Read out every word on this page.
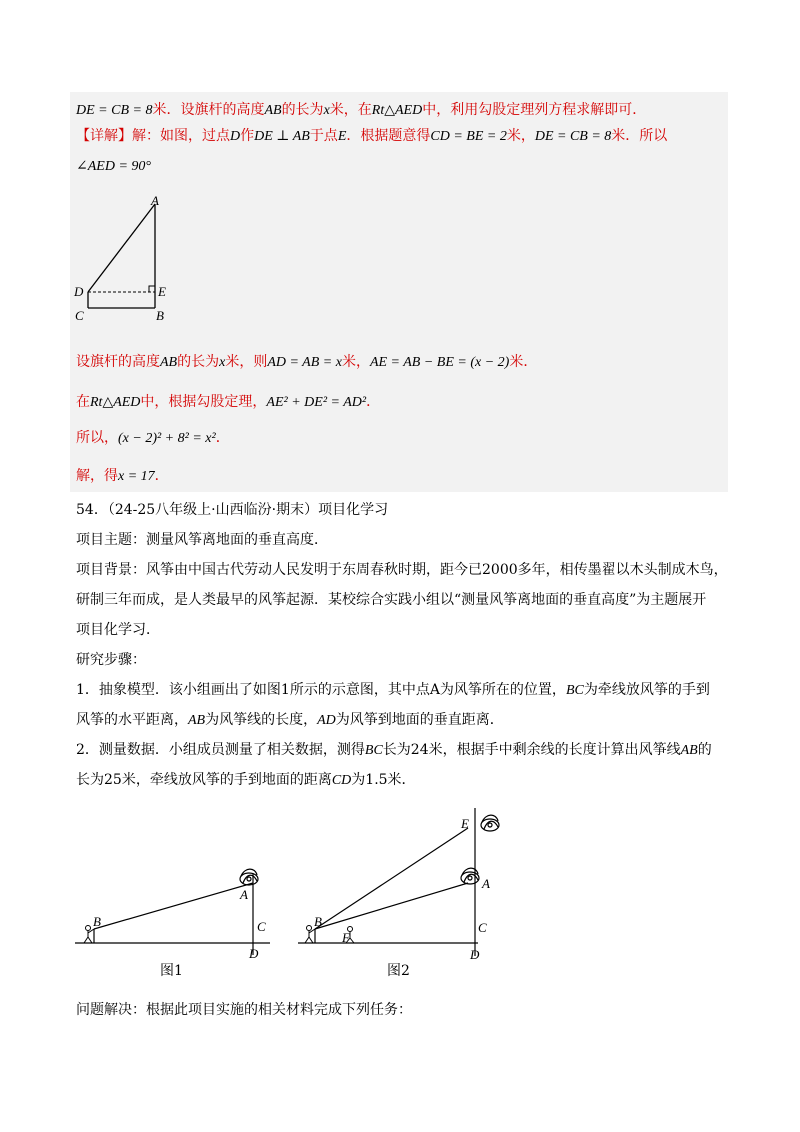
DE = CB = 8米．设旗杆的高度AB的长为x米，在Rt△AED中，利用勾股定理列方程求解即可．
【详解】解：如图，过点D作DE ⊥ AB于点E．根据题意得CD = BE = 2米，DE = CB = 8米．所以
∠AED = 90°
A
D	E
C	B
设旗杆的高度AB的长为x米，则AD = AB = x米，AE = AB − BE = (x − 2)米．
在Rt△AED中，根据勾股定理，AE² + DE² = AD²．
所以，(x − 2)² + 8² = x²．
解，得x = 17．
54．（24-25八年级上·山西临汾·期末）项目化学习
项目主题：测量风筝离地面的垂直高度．
项目背景：风筝由中国古代劳动人民发明于东周春秋时期，距今已2000多年，相传墨翟以木头制成木鸟，
研制三年而成，是人类最早的风筝起源．某校综合实践小组以“测量风筝离地面的垂直高度”为主题展开
项目化学习．
研究步骤：
1．抽象模型．该小组画出了如图1所示的示意图，其中点A为风筝所在的位置，BC为牵线放风筝的手到
风筝的水平距离，AB为风筝线的长度，AD为风筝到地面的垂直距离．
2．测量数据．小组成员测量了相关数据，测得BC长为24米，根据手中剩余线的长度计算出风筝线AB的
长为25米，牵线放风筝的手到地面的距离CD为1.5米．
B
A
C
D
图1
E
A
B
F
C
D
图2
问题解决：根据此项目实施的相关材料完成下列任务：
